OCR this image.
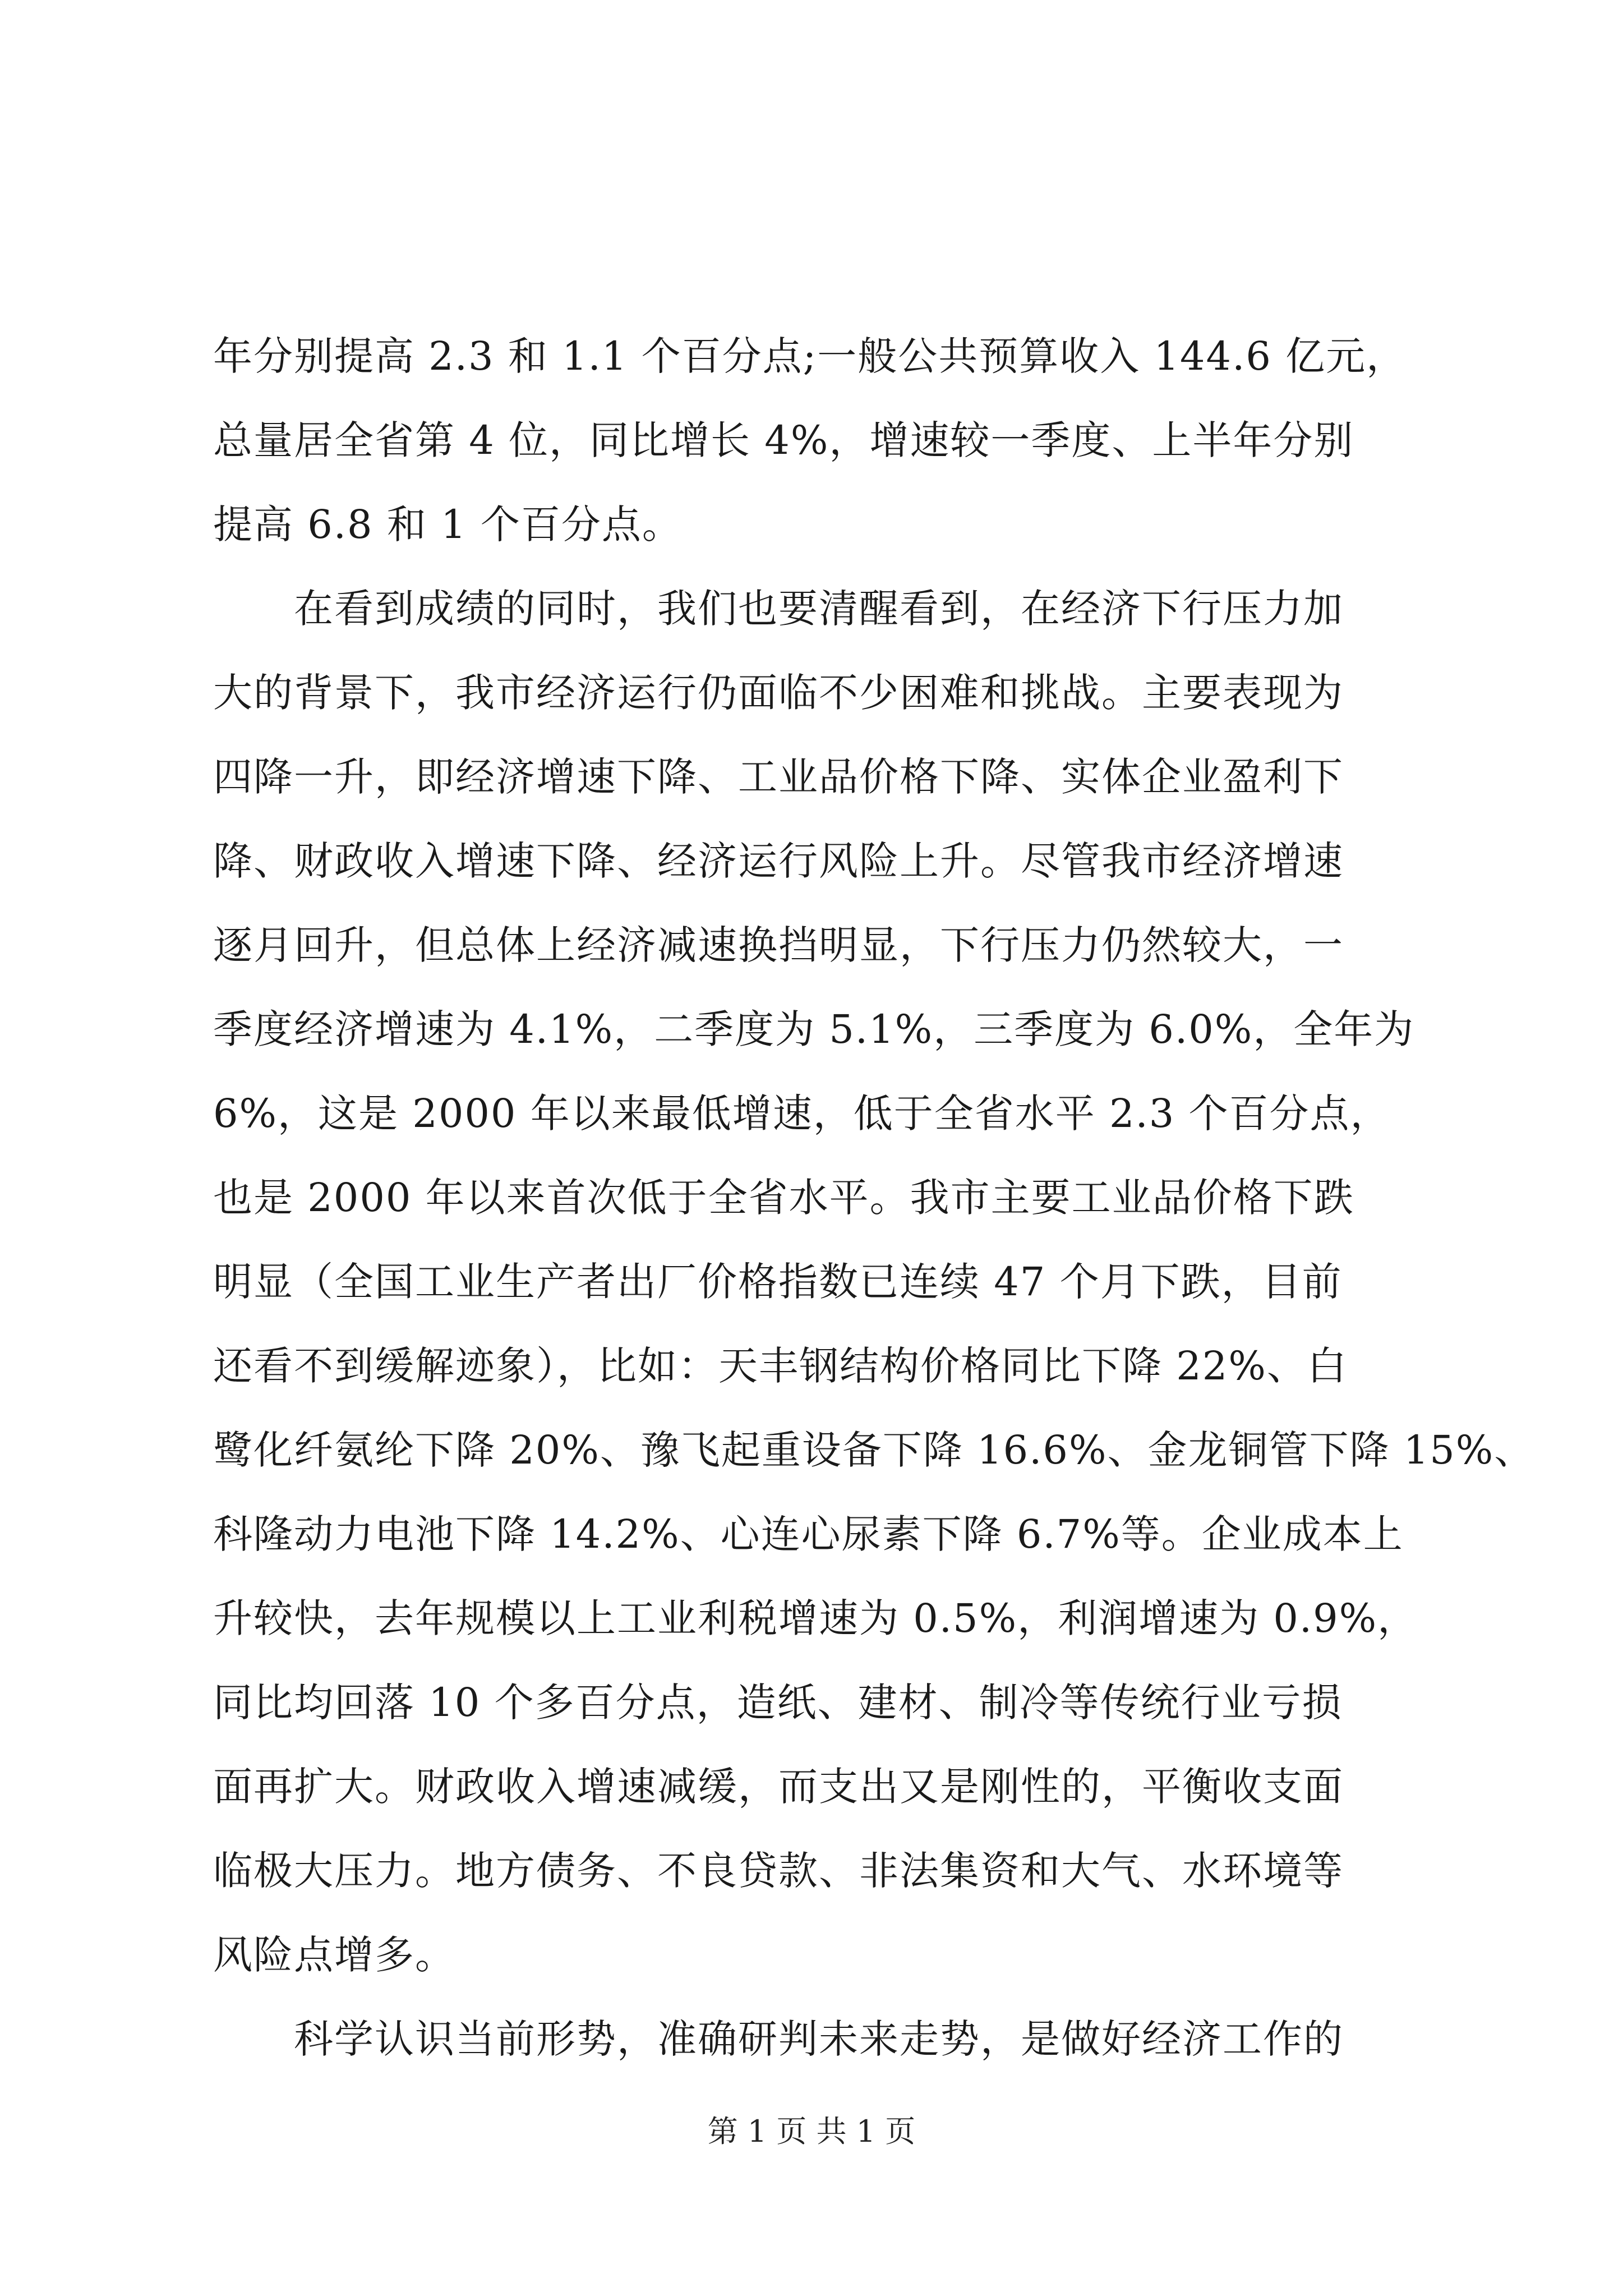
年分别提高 2.3 和 1.1 个百分点;一般公共预算收入 144.6 亿元，
总量居全省第 4 位，同比增长 4%，增速较一季度、上半年分别
提高 6.8 和 1 个百分点。
　　在看到成绩的同时，我们也要清醒看到，在经济下行压力加
大的背景下，我市经济运行仍面临不少困难和挑战。主要表现为
四降一升，即经济增速下降、工业品价格下降、实体企业盈利下
降、财政收入增速下降、经济运行风险上升。尽管我市经济增速
逐月回升，但总体上经济减速换挡明显，下行压力仍然较大，一
季度经济增速为 4.1%，二季度为 5.1%，三季度为 6.0%，全年为
6%，这是 2000 年以来最低增速，低于全省水平 2.3 个百分点，
也是 2000 年以来首次低于全省水平。我市主要工业品价格下跌
明显（全国工业生产者出厂价格指数已连续 47 个月下跌，目前
还看不到缓解迹象），比如：天丰钢结构价格同比下降 22%、白
鹭化纤氨纶下降 20%、豫飞起重设备下降 16.6%、金龙铜管下降 15%、
科隆动力电池下降 14.2%、心连心尿素下降 6.7%等。企业成本上
升较快，去年规模以上工业利税增速为 0.5%，利润增速为 0.9%，
同比均回落 10 个多百分点，造纸、建材、制冷等传统行业亏损
面再扩大。财政收入增速减缓，而支出又是刚性的，平衡收支面
临极大压力。地方债务、不良贷款、非法集资和大气、水环境等
风险点增多。
　　科学认识当前形势，准确研判未来走势，是做好经济工作的
第 1 页 共 1 页
